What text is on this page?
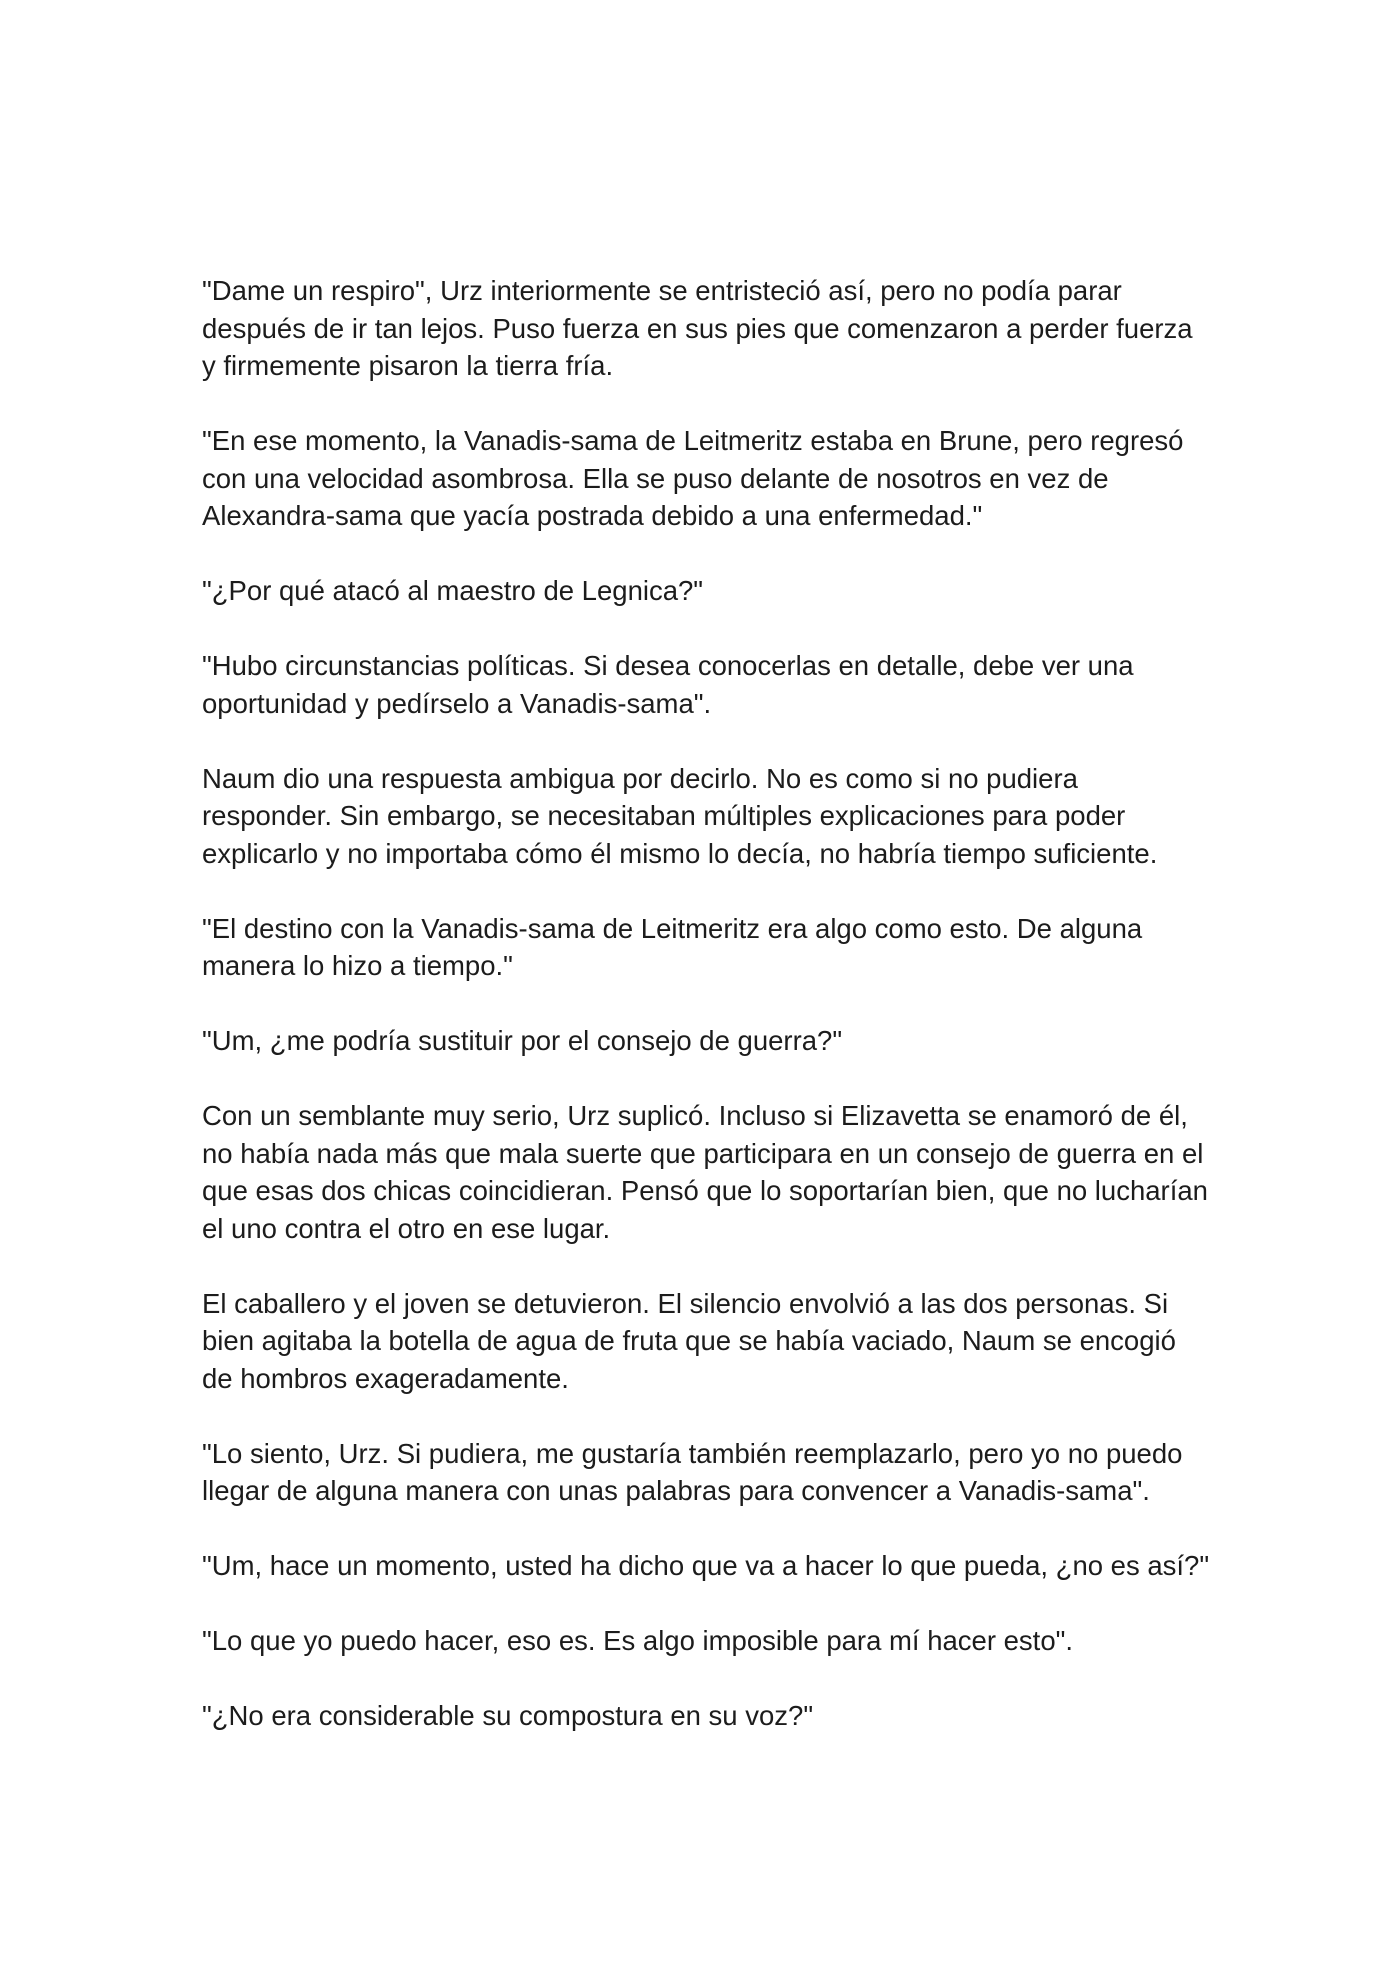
"Dame un respiro", Urz interiormente se entristeció así, pero no podía parar después de ir tan lejos. Puso fuerza en sus pies que comenzaron a perder fuerza y firmemente pisaron la tierra fría.

"En ese momento, la Vanadis-sama de Leitmeritz estaba en Brune, pero regresó con una velocidad asombrosa. Ella se puso delante de nosotros en vez de Alexandra-sama que yacía postrada debido a una enfermedad."

"¿Por qué atacó al maestro de Legnica?"

"Hubo circunstancias políticas. Si desea conocerlas en detalle, debe ver una oportunidad y pedírselo a Vanadis-sama".

Naum dio una respuesta ambigua por decirlo. No es como si no pudiera responder. Sin embargo, se necesitaban múltiples explicaciones para poder explicarlo y no importaba cómo él mismo lo decía, no habría tiempo suficiente.

"El destino con la Vanadis-sama de Leitmeritz era algo como esto. De alguna manera lo hizo a tiempo."

"Um, ¿me podría sustituir por el consejo de guerra?"

Con un semblante muy serio, Urz suplicó. Incluso si Elizavetta se enamoró de él, no había nada más que mala suerte que participara en un consejo de guerra en el que esas dos chicas coincidieran. Pensó que lo soportarían bien, que no lucharían el uno contra el otro en ese lugar.

El caballero y el joven se detuvieron. El silencio envolvió a las dos personas. Si bien agitaba la botella de agua de fruta que se había vaciado, Naum se encogió de hombros exageradamente.

"Lo siento, Urz. Si pudiera, me gustaría también reemplazarlo, pero yo no puedo llegar de alguna manera con unas palabras para convencer a Vanadis-sama".

"Um, hace un momento, usted ha dicho que va a hacer lo que pueda, ¿no es así?"

"Lo que yo puedo hacer, eso es. Es algo imposible para mí hacer esto".

"¿No era considerable su compostura en su voz?"
